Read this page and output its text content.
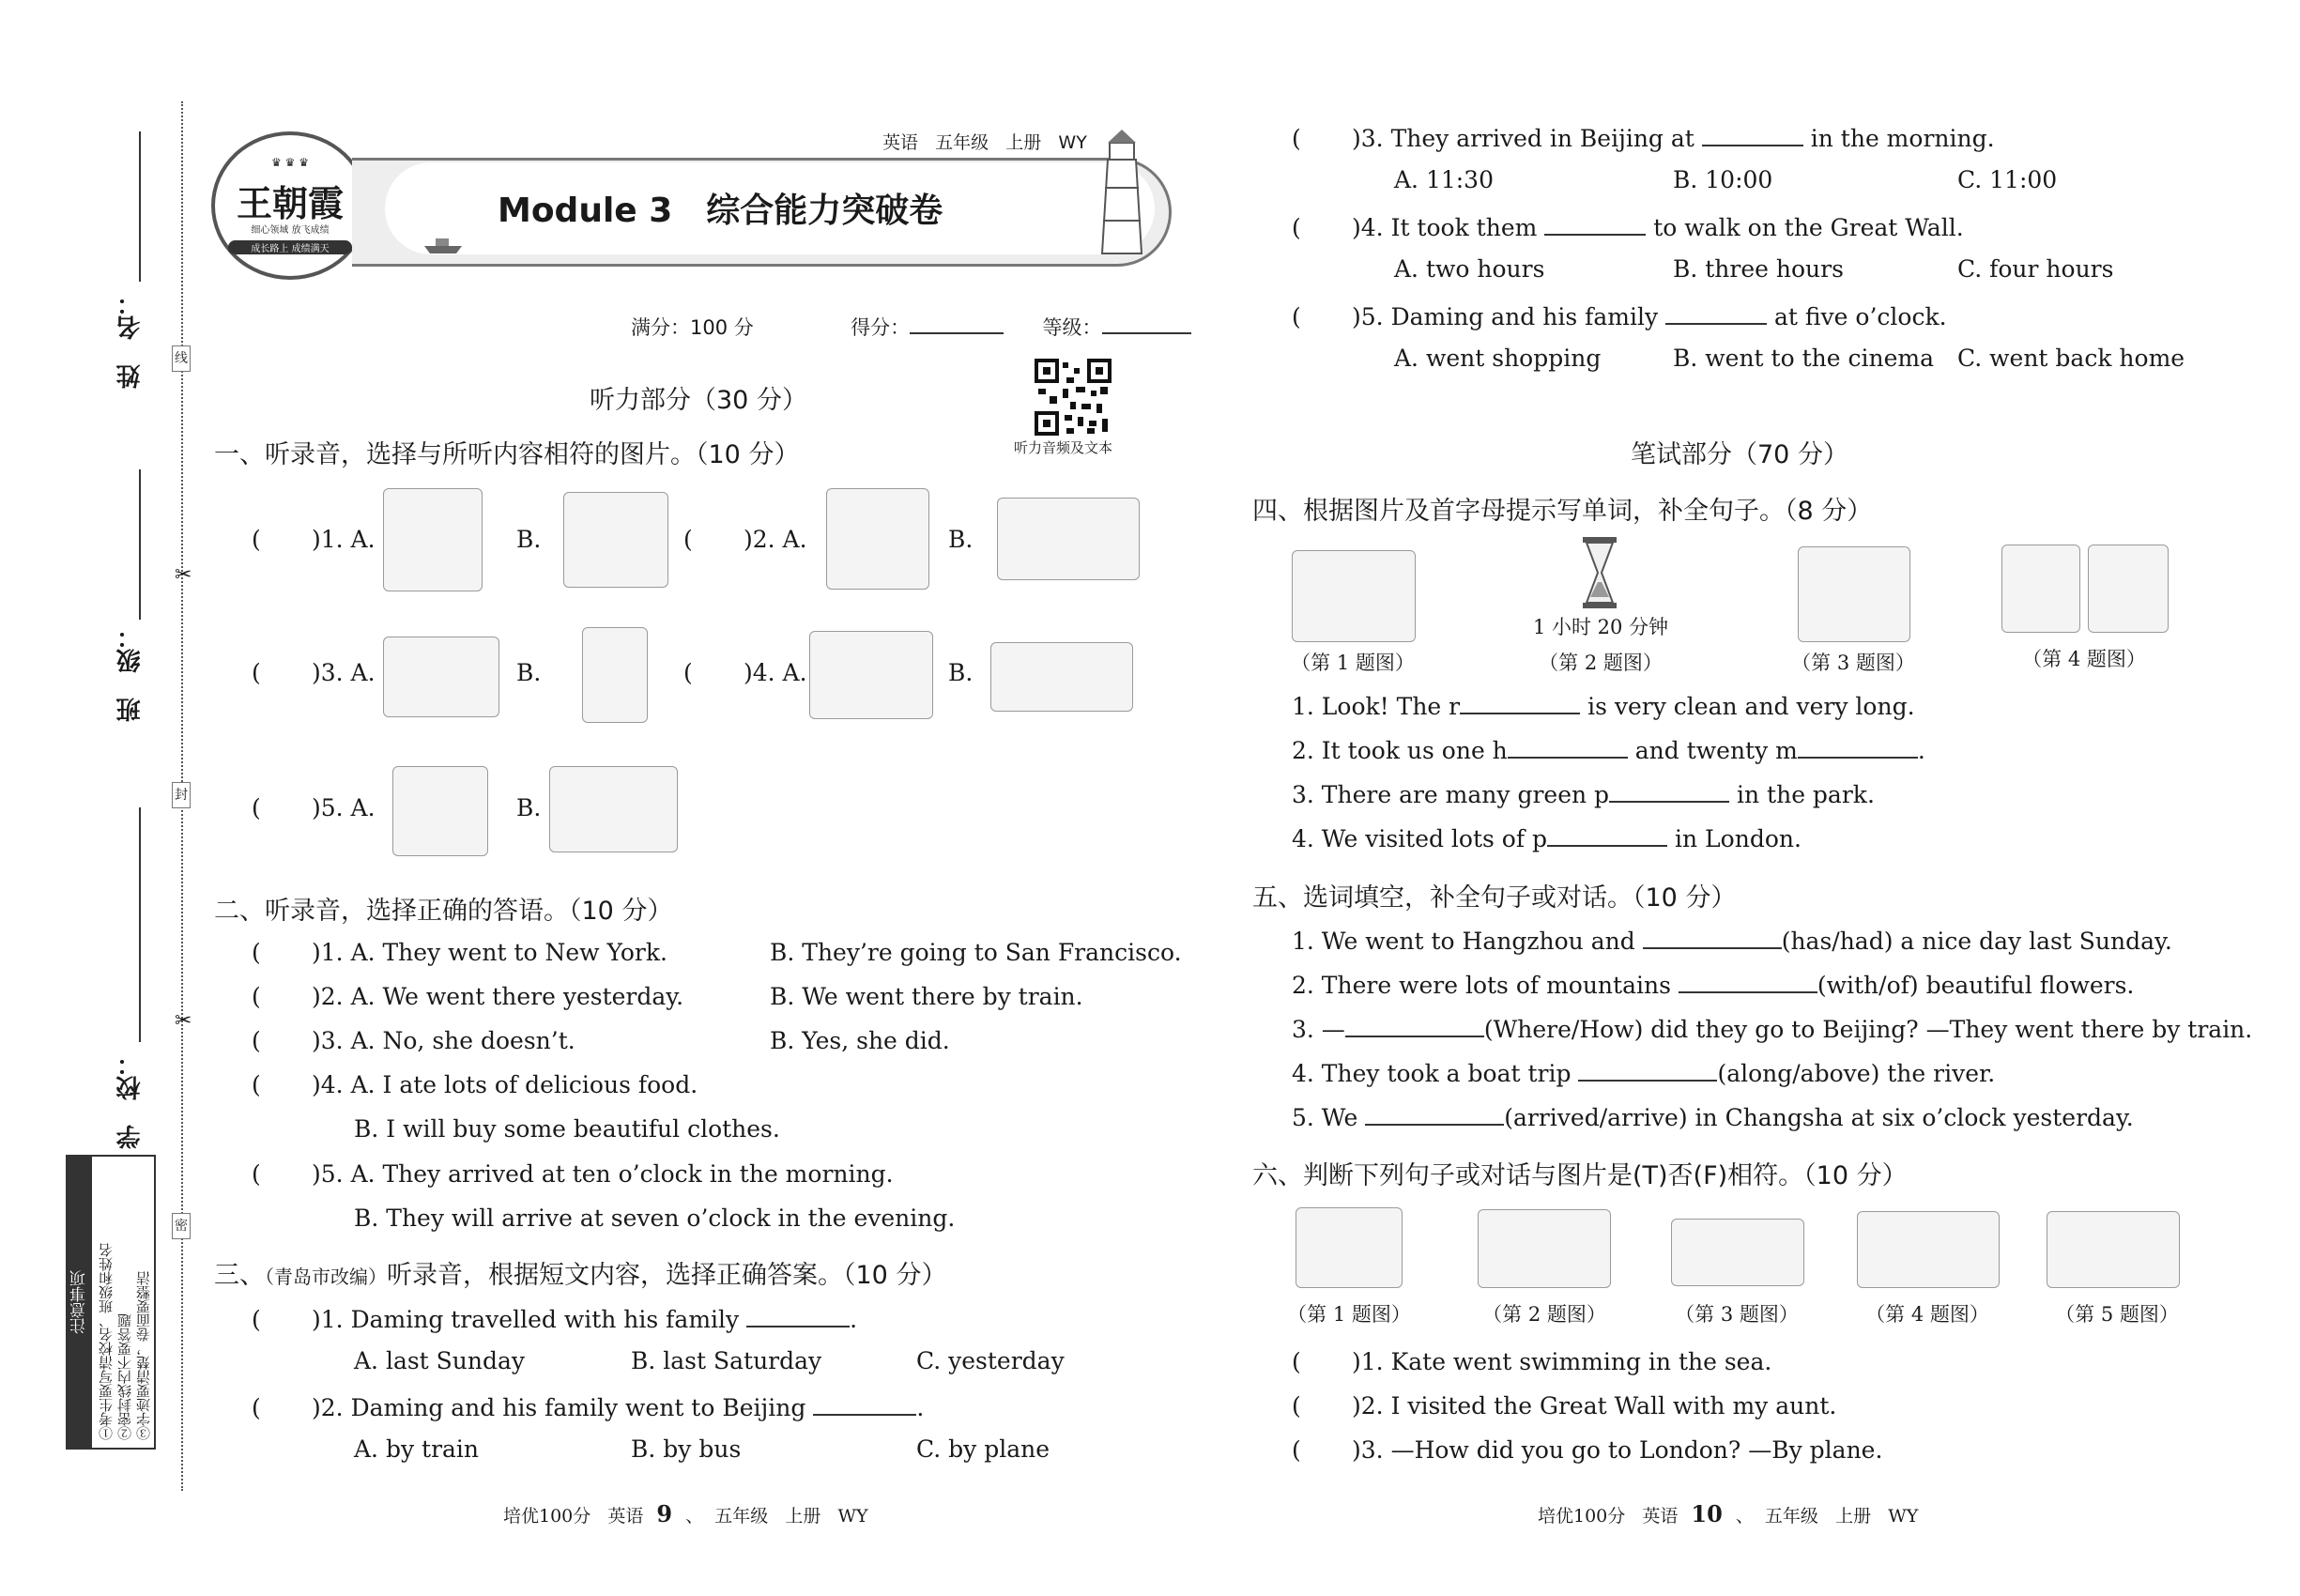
姓　名：
班　级：
学　校：
线
封
密
✂
✂
注意事项 ①考生要写清校名、班级和姓名 ②密封线内不要答题 ③字迹要清楚，卷面要整洁
♛ ♛ ♛
王朝霞
细心领域 放飞成绩
成长路上 成绩满天
Module 3　综合能力突破卷
英语 五年级 上册 WY
满分：100 分	得分：	等级：
听力音频及文本
听力部分（30 分）
一、听录音，选择与所听内容相符的图片。（10 分）
( )1. A.	B.	( )2. A.	B.
( )3. A.	B.	( )4. A.	B.
( )5. A.	B.
二、听录音，选择正确的答语。（10 分）
( )1. A. They went to New York.	B. They’re going to San Francisco.
( )2. A. We went there yesterday.	B. We went there by train.
( )3. A. No, she doesn’t.	B. Yes, she did.
( )4. A. I ate lots of delicious food.
B. I will buy some beautiful clothes.
( )5. A. They arrived at ten o’clock in the morning.
B. They will arrive at seven o’clock in the evening.
三、（青岛市改编）听录音，根据短文内容，选择正确答案。（10 分）
( )1. Daming travelled with his family	.
A. last Sunday	B. last Saturday	C. yesterday
( )2. Daming and his family went to Beijing	.
A. by train	B. by bus	C. by plane
培优100分 英语 9 、 五年级 上册 WY
( )3. They arrived in Beijing at	in the morning.
A. 11:30	B. 10:00	C. 11:00
( )4. It took them	to walk on the Great Wall.
A. two hours	B. three hours	C. four hours
( )5. Daming and his family	at five o’clock.
A. went shopping	B. went to the cinema C. went back home
笔试部分（70 分）
四、根据图片及首字母提示写单词，补全句子。（8 分）
（第 1 题图）
1 小时 20 分钟
（第 2 题图）	（第 3 题图）	（第 4 题图）
1. Look! The r	is very clean and very long.
2. It took us one h	and twenty m	.
3. There are many green p	in the park.
4. We visited lots of p	in London.
五、选词填空，补全句子或对话。（10 分）
1. We went to Hangzhou and	(has/had) a nice day last Sunday.
2. There were lots of mountains	(with/of) beautiful flowers.
3. —	(Where/How) did they go to Beijing? —They went there by train.
4. They took a boat trip	(along/above) the river.
5. We	(arrived/arrive) in Changsha at six o’clock yesterday.
六、判断下列句子或对话与图片是(T)否(F)相符。（10 分）
（第 1 题图）	（第 2 题图）	（第 3 题图）	（第 4 题图）	（第 5 题图）
( )1. Kate went swimming in the sea.
( )2. I visited the Great Wall with my aunt.
( )3. —How did you go to London? —By plane.
培优100分 英语 10 、 五年级 上册 WY
